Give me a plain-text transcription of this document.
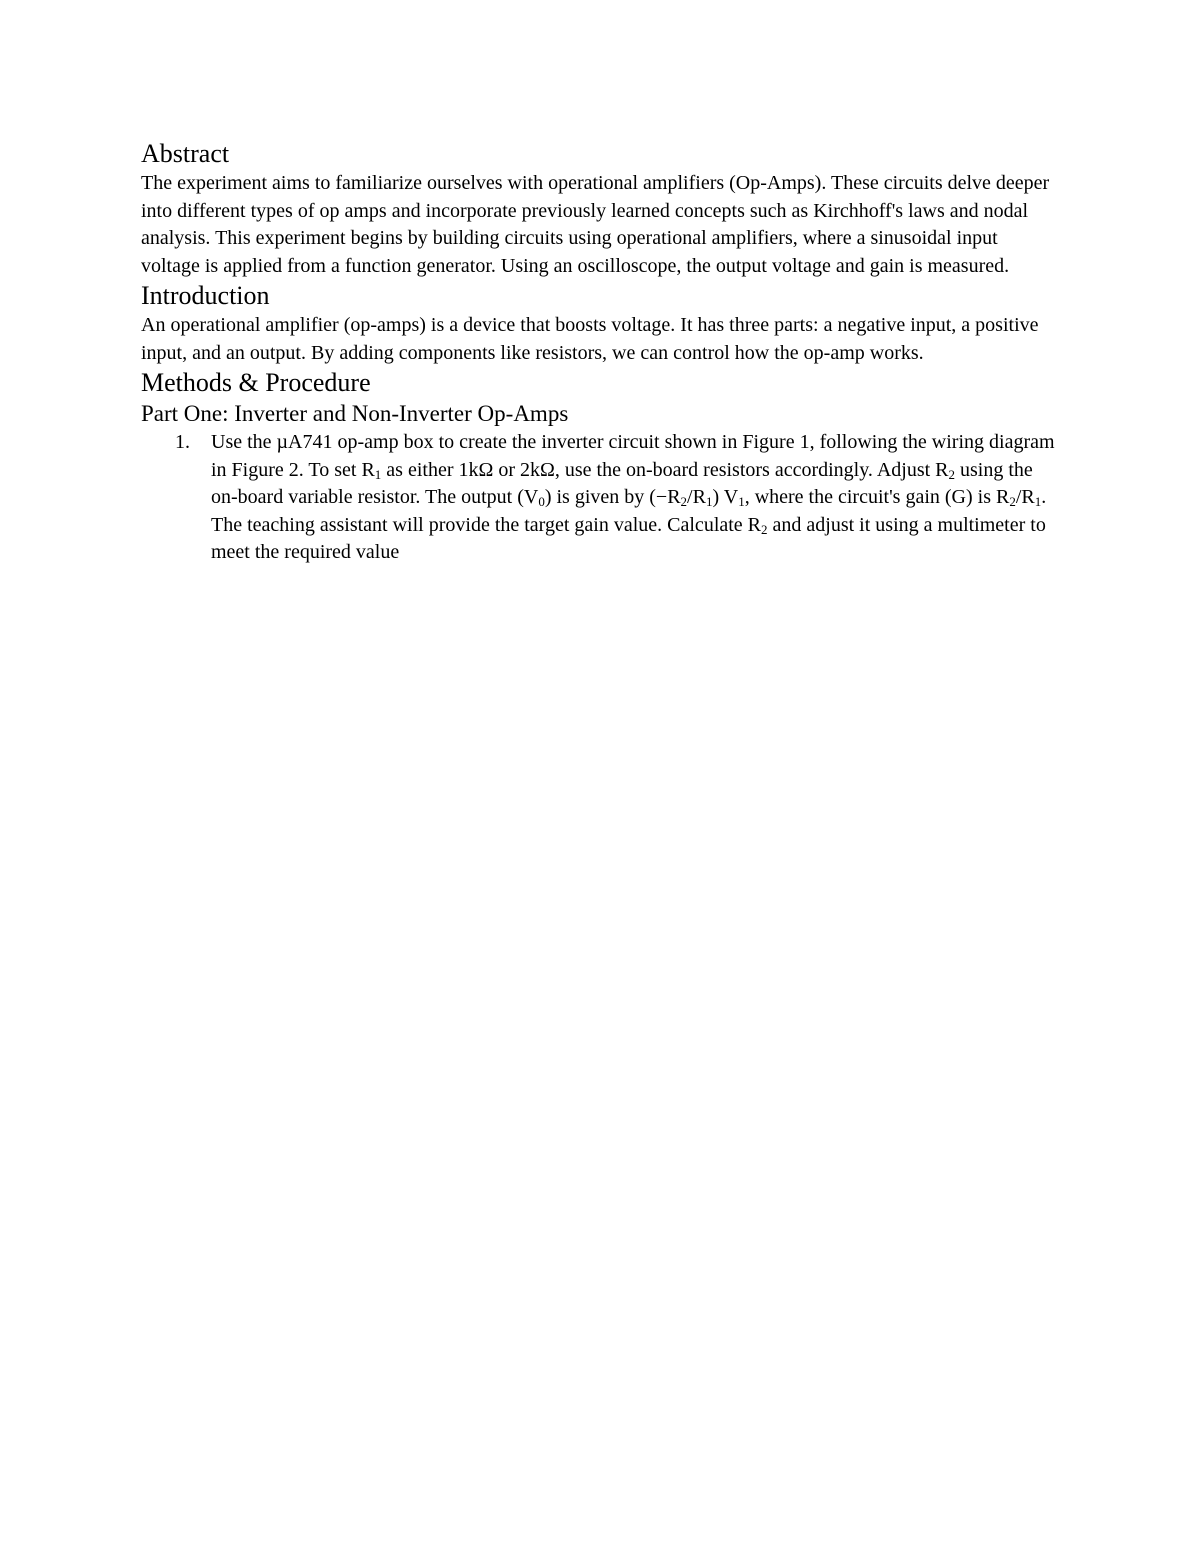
Abstract

The experiment aims to familiarize ourselves with operational amplifiers (Op-Amps). These circuits delve deeper into different types of op amps and incorporate previously learned concepts such as Kirchhoff's laws and nodal analysis. This experiment begins by building circuits using operational amplifiers, where a sinusoidal input voltage is applied from a function generator. Using an oscilloscope, the output voltage and gain is measured.

Introduction

An operational amplifier (op-amps) is a device that boosts voltage. It has three parts: a negative input, a positive input, and an output. By adding components like resistors, we can control how the op-amp works.

Methods & Procedure
Part One: Inverter and Non-Inverter Op-Amps
1. Use the µA741 op-amp box to create the inverter circuit shown in Figure 1, following the wiring diagram in Figure 2. To set $R_1$ as either 1kΩ or 2kΩ, use the on-board resistors accordingly. Adjust $R_2$ using the on-board variable resistor. The output $(V_0)$ is given by $(-R_2/R_1)$ $V_1$, where the circuit's gain (G) is $R_2/R_1$. The teaching assistant will provide the target gain value. Calculate $R_2$ and adjust it using a multimeter to meet the required value
